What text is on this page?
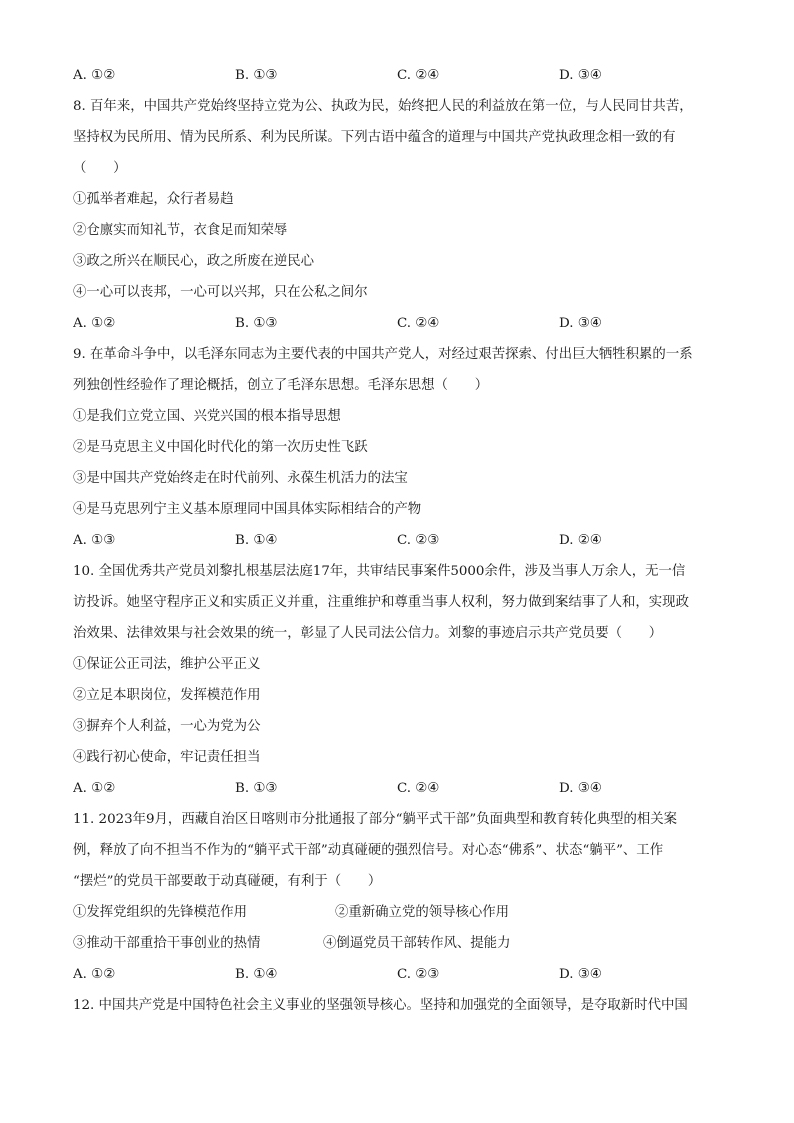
A. ①②	B. ①③	C. ②④	D. ③④
8. 百年来，中国共产党始终坚持立党为公、执政为民，始终把人民的利益放在第一位，与人民同甘共苦，
坚持权为民所用、情为民所系、利为民所谋。下列古语中蕴含的道理与中国共产党执政理念相一致的有
（　　）
①孤举者难起，众行者易趋
②仓廪实而知礼节，衣食足而知荣辱
③政之所兴在顺民心，政之所废在逆民心
④一心可以丧邦，一心可以兴邦，只在公私之间尔
A. ①②	B. ①③	C. ②④	D. ③④
9. 在革命斗争中，以毛泽东同志为主要代表的中国共产党人，对经过艰苦探索、付出巨大牺牲积累的一系
列独创性经验作了理论概括，创立了毛泽东思想。毛泽东思想（　　）
①是我们立党立国、兴党兴国的根本指导思想
②是马克思主义中国化时代化的第一次历史性飞跃
③是中国共产党始终走在时代前列、永葆生机活力的法宝
④是马克思列宁主义基本原理同中国具体实际相结合的产物
A. ①③	B. ①④	C. ②③	D. ②④
10. 全国优秀共产党员刘黎扎根基层法庭17年，共审结民事案件5000余件，涉及当事人万余人，无一信
访投诉。她坚守程序正义和实质正义并重，注重维护和尊重当事人权利，努力做到案结事了人和，实现政
治效果、法律效果与社会效果的统一，彰显了人民司法公信力。刘黎的事迹启示共产党员要（　　）
①保证公正司法，维护公平正义
②立足本职岗位，发挥模范作用
③摒弃个人利益，一心为党为公
④践行初心使命，牢记责任担当
A. ①②	B. ①③	C. ②④	D. ③④
11. 2023年9月，西藏自治区日喀则市分批通报了部分“躺平式干部”负面典型和教育转化典型的相关案
例，释放了向不担当不作为的“躺平式干部”动真碰硬的强烈信号。对心态“佛系”、状态“躺平”、工作
“摆烂”的党员干部要敢于动真碰硬，有利于（　　）
①发挥党组织的先锋模范作用	②重新确立党的领导核心作用
③推动干部重拾干事创业的热情	④倒逼党员干部转作风、提能力
A. ①②	B. ①④	C. ②③	D. ③④
12. 中国共产党是中国特色社会主义事业的坚强领导核心。坚持和加强党的全面领导，是夺取新时代中国
